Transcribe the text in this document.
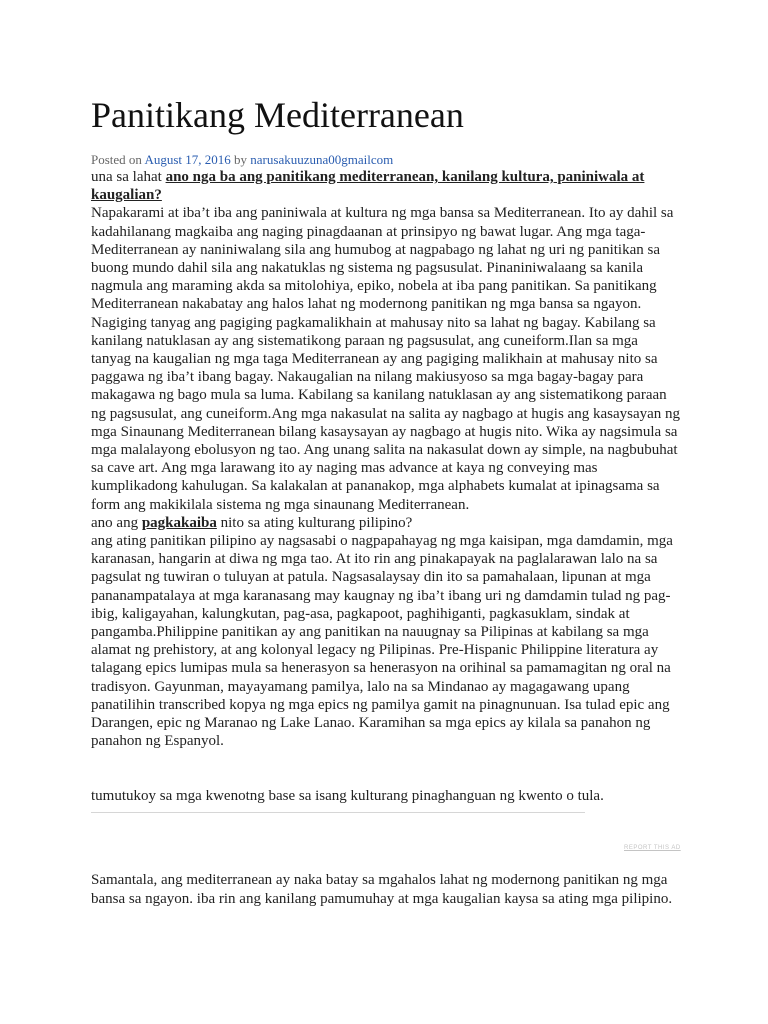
Panitikang Mediterranean
Posted on August 17, 2016 by narusakuuzuna00gmailcom

una sa lahat ano nga ba ang panitikang mediterranean, kanilang kultura, paniniwala at kaugalian?

Napakarami at iba’t iba ang paniniwala at kultura ng mga bansa sa Mediterranean. Ito ay dahil sa kadahilanang magkaiba ang naging pinagdaanan at prinsipyo ng bawat lugar. Ang mga taga-Mediterranean ay naniniwalang sila ang humubog at nagpabago ng lahat ng uri ng panitikan sa buong mundo dahil sila ang nakatuklas ng sistema ng pagsusulat. Pinaniniwalaang sa kanila nagmula ang maraming akda sa mitolohiya, epiko, nobela at iba pang panitikan. Sa panitikang Mediterranean nakabatay ang halos lahat ng modernong panitikan ng mga bansa sa ngayon. Nagiging tanyag ang pagiging pagkamalikhain at mahusay nito sa lahat ng bagay. Kabilang sa kanilang natuklasan ay ang sistematikong paraan ng pagsusulat, ang cuneiform.Ilan sa mga tanyag na kaugalian ng mga taga Mediterranean ay ang pagiging malikhain at mahusay nito sa paggawa ng iba’t ibang bagay. Nakaugalian na nilang makiusyoso sa mga bagay-bagay para makagawa ng bago mula sa luma. Kabilang sa kanilang natuklasan ay ang sistematikong paraan ng pagsusulat, ang cuneiform.Ang mga nakasulat na salita ay nagbago at hugis ang kasaysayan ng mga Sinaunang Mediterranean bilang kasaysayan ay nagbago at hugis nito. Wika ay nagsimula sa mga malalayong ebolusyon ng tao. Ang unang salita na nakasulat down ay simple, na nagbubuhat sa cave art. Ang mga larawang ito ay naging mas advance at kaya ng conveying mas kumplikadong kahulugan. Sa kalakalan at pananakop, mga alphabets kumalat at ipinagsama sa form ang makikilala sistema ng mga sinaunang Mediterranean.

ano ang pagkakaiba nito sa ating kulturang pilipino?

ang ating panitikan pilipino ay nagsasabi o nagpapahayag ng mga kaisipan, mga damdamin, mga karanasan, hangarin at diwa ng mga tao. At ito rin ang pinakapayak na paglalarawan lalo na sa pagsulat ng tuwiran o tuluyan at patula. Nagsasalaysay din ito sa pamahalaan, lipunan at mga pananampatalaya at mga karanasang may kaugnay ng iba’t ibang uri ng damdamin tulad ng pag-ibig, kaligayahan, kalungkutan, pag-asa, pagkapoot, paghihiganti, pagkasuklam, sindak at pangamba.Philippine panitikan ay ang panitikan na nauugnay sa Pilipinas at kabilang sa mga alamat ng prehistory, at ang kolonyal legacy ng Pilipinas. Pre-Hispanic Philippine literatura ay talagang epics lumipas mula sa henerasyon sa henerasyon na orihinal sa pamamagitan ng oral na tradisyon. Gayunman, mayayamang pamilya, lalo na sa Mindanao ay magagawang upang panatilihin transcribed kopya ng mga epics ng pamilya gamit na pinagnunuan. Isa tulad epic ang Darangen, epic ng Maranao ng Lake Lanao. Karamihan sa mga epics ay kilala sa panahon ng panahon ng Espanyol.

tumutukoy sa mga kwenotng base sa isang kulturang pinaghanguan ng kwento o tula.

REPORT THIS AD

Samantala, ang mediterranean ay naka batay sa mgahalos lahat ng modernong panitikan ng mga bansa sa ngayon. iba rin ang kanilang pamumuhay at mga kaugalian kaysa sa ating mga pilipino.
